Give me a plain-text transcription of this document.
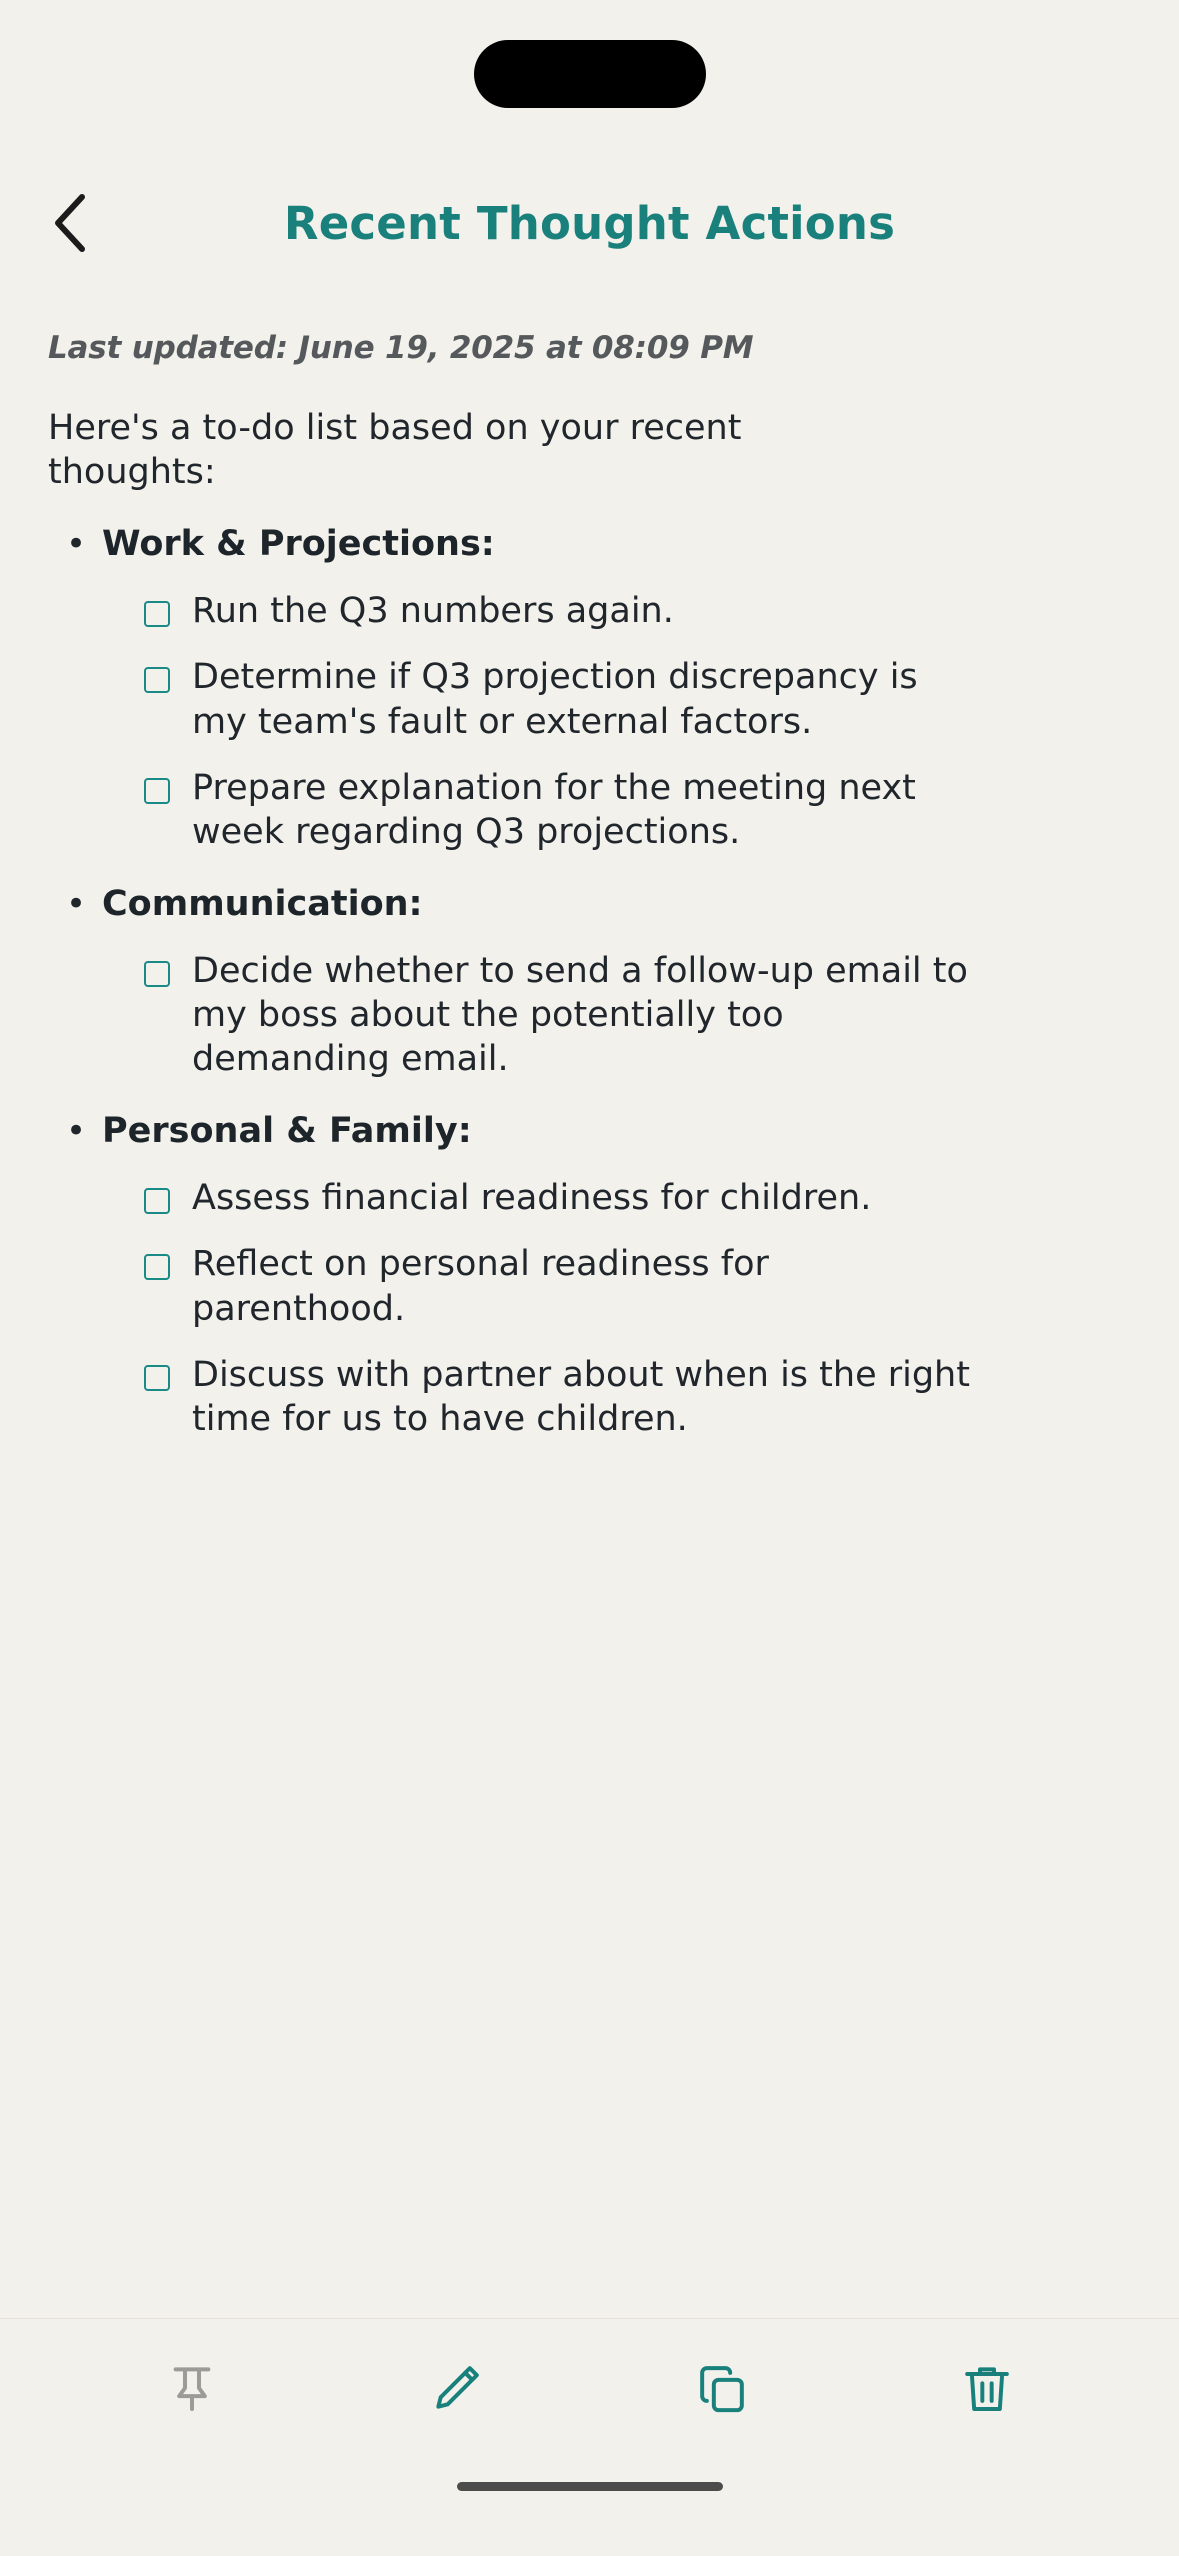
Recent Thought Actions
Last updated: June 19, 2025 at 08:09 PM
Here's a to-do list based on your recent thoughts:
• Work & Projections:
Run the Q3 numbers again.
Determine if Q3 projection discrepancy is my team's fault or external factors.
Prepare explanation for the meeting next week regarding Q3 projections.
• Communication:
Decide whether to send a follow-up email to my boss about the potentially too demanding email.
• Personal & Family:
Assess financial readiness for children.
Reflect on personal readiness for parenthood.
Discuss with partner about when is the right time for us to have children.
